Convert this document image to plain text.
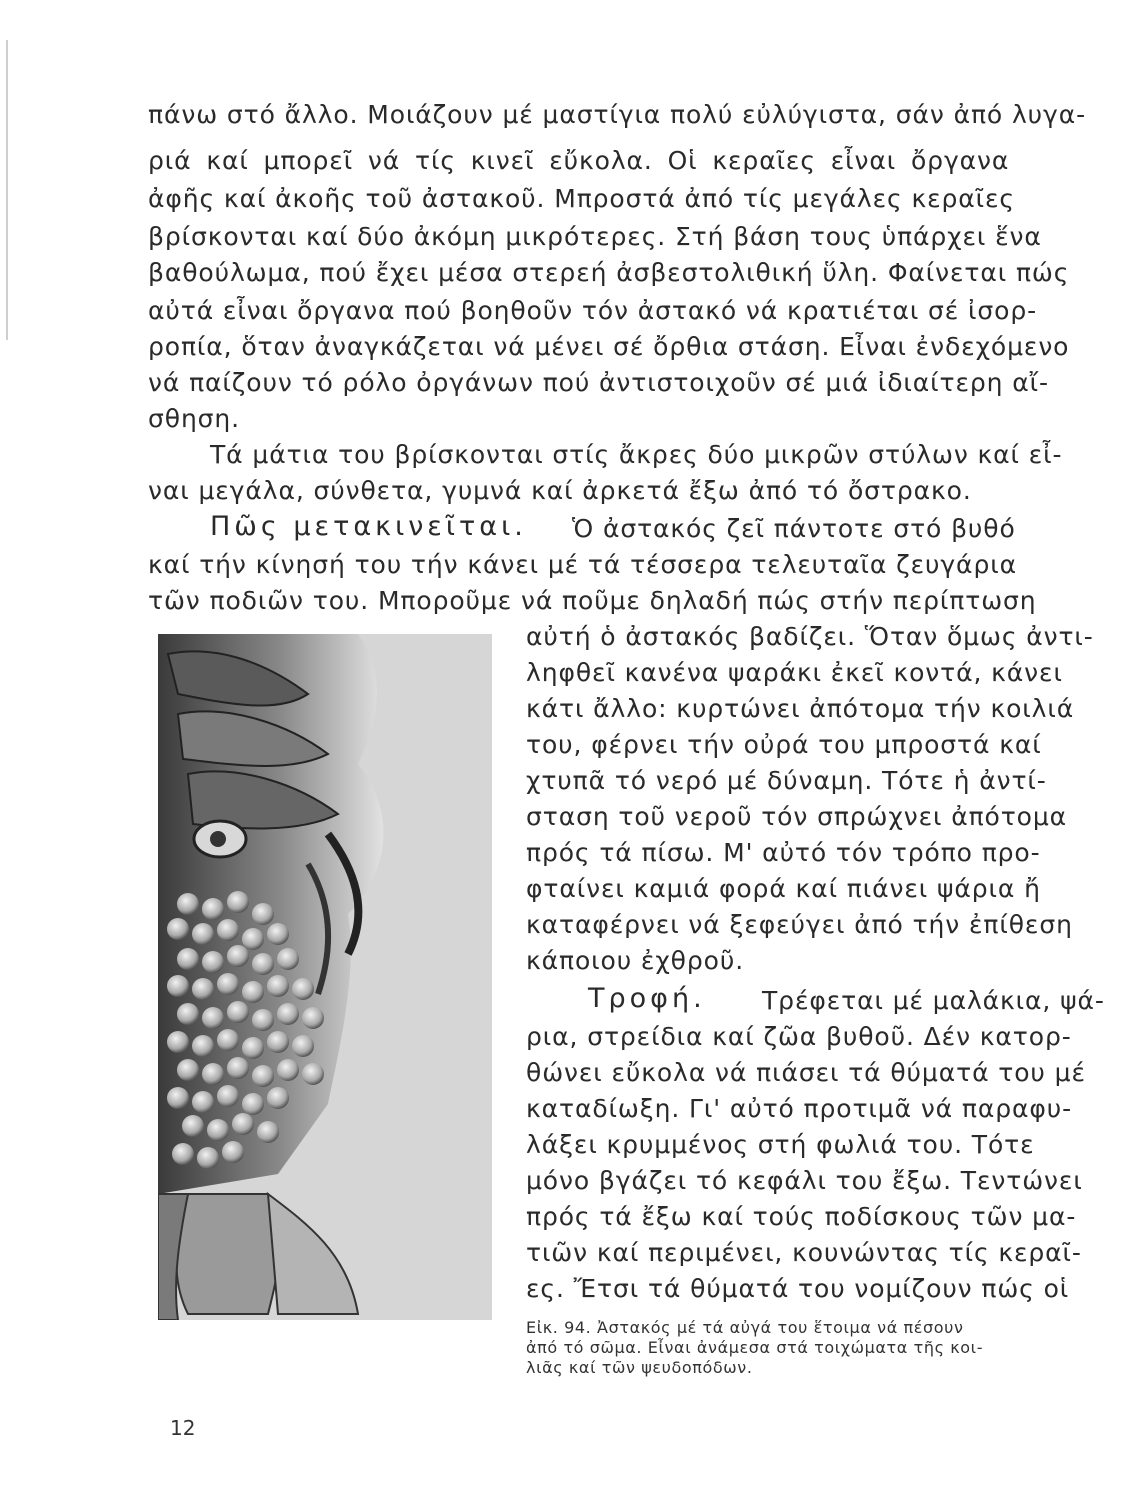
πάνω στό ἄλλο. Μοιάζουν μέ μαστίγια πολύ εὐλύγιστα, σάν ἀπό λυγα-
ριά καί μπορεῖ νά τίς κινεῖ εὔκολα. Οἱ κεραῖες εἶναι ὄργανα
ἀφῆς καί ἀκοῆς τοῦ ἀστακοῦ. Μπροστά ἀπό τίς μεγάλες κεραῖες
βρίσκονται καί δύο ἀκόμη μικρότερες. Στή βάση τους ὑπάρχει ἕνα
βαθούλωμα, πού ἔχει μέσα στερεή ἀσβεστολιθική ὕλη. Φαίνεται πώς
αὐτά εἶναι ὄργανα πού βοηθοῦν τόν ἀστακό νά κρατιέται σέ ἰσορ-
ροπία, ὅταν ἀναγκάζεται νά μένει σέ ὄρθια στάση. Εἶναι ἐνδεχόμενο
νά παίζουν τό ρόλο ὀργάνων πού ἀντιστοιχοῦν σέ μιά ἰδιαίτερη αἴ-
σθηση.
Τά μάτια του βρίσκονται στίς ἄκρες δύο μικρῶν στύλων καί εἶ-
ναι μεγάλα, σύνθετα, γυμνά καί ἀρκετά ἔξω ἀπό τό ὄστρακο.
Πῶς μετακινεῖται. Ὁ ἀστακός ζεῖ πάντοτε στό βυθό
καί τήν κίνησή του τήν κάνει μέ τά τέσσερα τελευταῖα ζευγάρια
τῶν ποδιῶν του. Μποροῦμε νά ποῦμε δηλαδή πώς στήν περίπτωση
αὐτή ὁ ἀστακός βαδίζει. Ὅταν ὅμως ἀντι-
ληφθεῖ κανένα ψαράκι ἐκεῖ κοντά, κάνει
κάτι ἄλλο: κυρτώνει ἀπότομα τήν κοιλιά
του, φέρνει τήν οὐρά του μπροστά καί
χτυπᾶ τό νερό μέ δύναμη. Τότε ἡ ἀντί-
σταση τοῦ νεροῦ τόν σπρώχνει ἀπότομα
πρός τά πίσω. Μ' αὐτό τόν τρόπο προ-
φταίνει καμιά φορά καί πιάνει ψάρια ἤ
καταφέρνει νά ξεφεύγει ἀπό τήν ἐπίθεση
κάποιου ἐχθροῦ.
Τροφή. Τρέφεται μέ μαλάκια, ψά-
ρια, στρείδια καί ζῶα βυθοῦ. Δέν κατορ-
θώνει εὔκολα νά πιάσει τά θύματά του μέ
καταδίωξη. Γι' αὐτό προτιμᾶ νά παραφυ-
λάξει κρυμμένος στή φωλιά του. Τότε
μόνο βγάζει τό κεφάλι του ἔξω. Τεντώνει
πρός τά ἔξω καί τούς ποδίσκους τῶν μα-
τιῶν καί περιμένει, κουνώντας τίς κεραῖ-
ες. Ἔτσι τά θύματά του νομίζουν πώς οἱ
Εἰκ. 94. Ἀστακός μέ τά αὐγά του ἕτοιμα νά πέσουν
ἀπό τό σῶμα. Εἶναι ἀνάμεσα στά τοιχώματα τῆς κοι-
λιᾶς καί τῶν ψευδοπόδων.
12
